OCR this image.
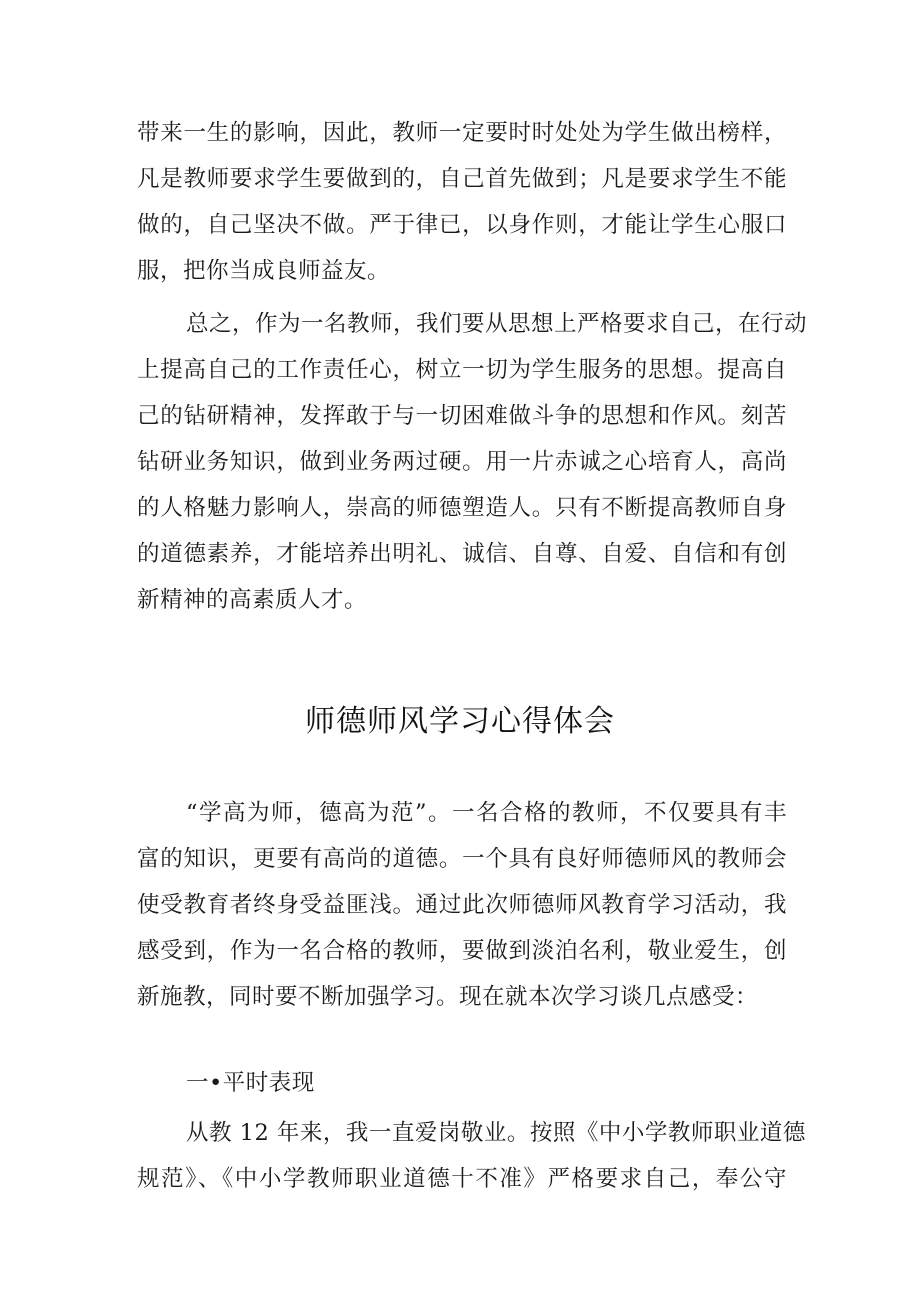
带来一生的影响，因此，教师一定要时时处处为学生做出榜样，
凡是教师要求学生要做到的，自己首先做到；凡是要求学生不能
做的，自己坚决不做。严于律已，以身作则，才能让学生心服口
服，把你当成良师益友。
总之，作为一名教师，我们要从思想上严格要求自己，在行动
上提高自己的工作责任心，树立一切为学生服务的思想。提高自
己的钻研精神，发挥敢于与一切困难做斗争的思想和作风。刻苦
钻研业务知识，做到业务两过硬。用一片赤诚之心培育人，高尚
的人格魅力影响人，崇高的师德塑造人。只有不断提高教师自身
的道德素养，才能培养出明礼、诚信、自尊、自爱、自信和有创
新精神的高素质人才。
师德师风学习心得体会
“学高为师，德高为范”。一名合格的教师，不仅要具有丰
富的知识，更要有高尚的道德。一个具有良好师德师风的教师会
使受教育者终身受益匪浅。通过此次师德师风教育学习活动，我
感受到，作为一名合格的教师，要做到淡泊名利，敬业爱生，创
新施教，同时要不断加强学习。现在就本次学习谈几点感受：
一•平时表现
从教 12 年来，我一直爱岗敬业。按照《中小学教师职业道德
规范》、《中小学教师职业道德十不准》严格要求自己，奉公守
